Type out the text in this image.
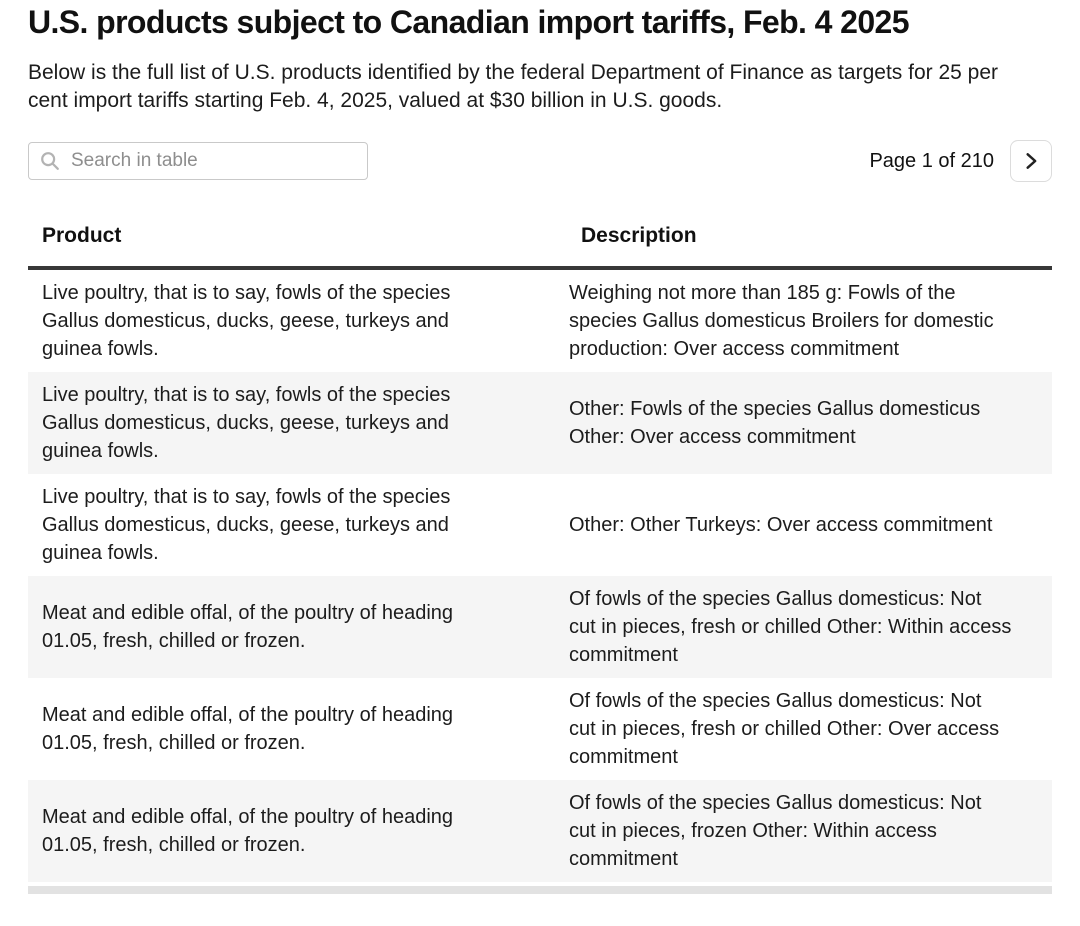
U.S. products subject to Canadian import tariffs, Feb. 4 2025

Below is the full list of U.S. products identified by the federal Department of Finance as targets for 25 per cent import tariffs starting Feb. 4, 2025, valued at $30 billion in U.S. goods.

Search in table
Page 1 of 210
Product	Description
Live poultry, that is to say, fowls of the species Gallus domesticus, ducks, geese, turkeys and guinea fowls.	Weighing not more than 185 g: Fowls of the species Gallus domesticus Broilers for domestic production: Over access commitment
Live poultry, that is to say, fowls of the species Gallus domesticus, ducks, geese, turkeys and guinea fowls.	Other: Fowls of the species Gallus domesticus Other: Over access commitment
Live poultry, that is to say, fowls of the species Gallus domesticus, ducks, geese, turkeys and guinea fowls.	Other: Other Turkeys: Over access commitment
Meat and edible offal, of the poultry of heading 01.05, fresh, chilled or frozen.	Of fowls of the species Gallus domesticus: Not cut in pieces, fresh or chilled Other: Within access commitment
Meat and edible offal, of the poultry of heading 01.05, fresh, chilled or frozen.	Of fowls of the species Gallus domesticus: Not cut in pieces, fresh or chilled Other: Over access commitment
Meat and edible offal, of the poultry of heading 01.05, fresh, chilled or frozen.	Of fowls of the species Gallus domesticus: Not cut in pieces, frozen Other: Within access commitment
